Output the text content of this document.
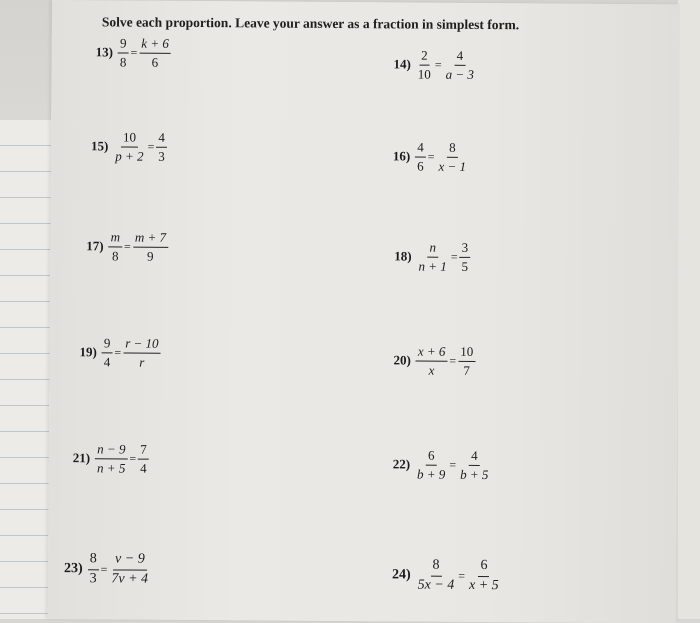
Solve each proportion. Leave your answer as a fraction in simplest form.
$13) \frac{9}{8} = \frac{k + 6}{6}$	$14) \frac{2}{10} = \frac{4}{a - 3}$
$15) \frac{10}{p + 2} = \frac{4}{3}$	$16) \frac{4}{6} = \frac{8}{x - 1}$
$17) \frac{m}{8} = \frac{m + 7}{9}$	$18) \frac{n}{n + 1} = \frac{3}{5}$
$19) \frac{9}{4} = \frac{r - 10}{r}$	$20) \frac{x + 6}{x} = \frac{10}{7}$
$21) \frac{n - 9}{n + 5} = \frac{7}{4}$	$22) \frac{6}{b + 9} = \frac{4}{b + 5}$
$23) \frac{8}{3} = \frac{v - 9}{7v + 4}$	$24) \frac{8}{5x - 4} = \frac{6}{x + 5}$
